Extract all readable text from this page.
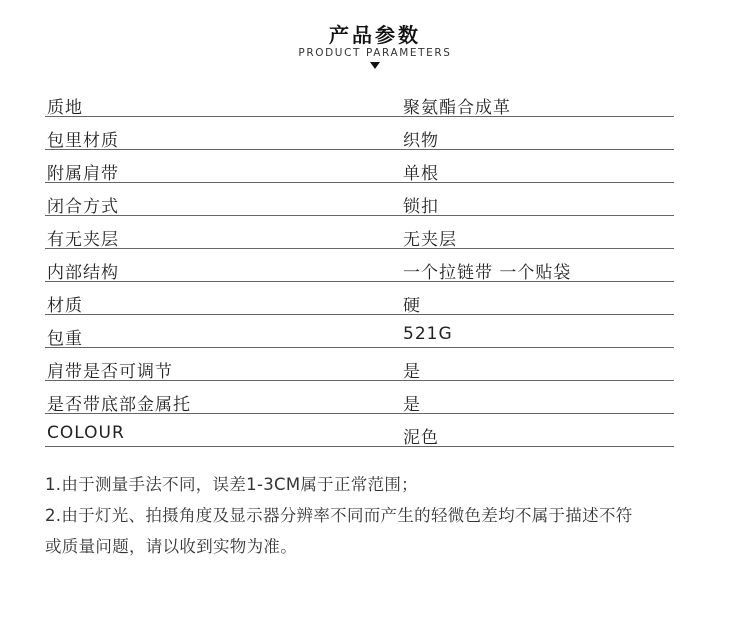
产品参数
PRODUCT PARAMETERS
质地	聚氨酯合成革
包里材质	织物
附属肩带	单根
闭合方式	锁扣
有无夹层	无夹层
内部结构	一个拉链带 一个贴袋
材质	硬
包重	521G
肩带是否可调节	是
是否带底部金属托	是
COLOUR	泥色
1.由于测量手法不同，误差1-3CM属于正常范围；
2.由于灯光、拍摄角度及显示器分辨率不同而产生的轻微色差均不属于描述不符
或质量问题，请以收到实物为准。
